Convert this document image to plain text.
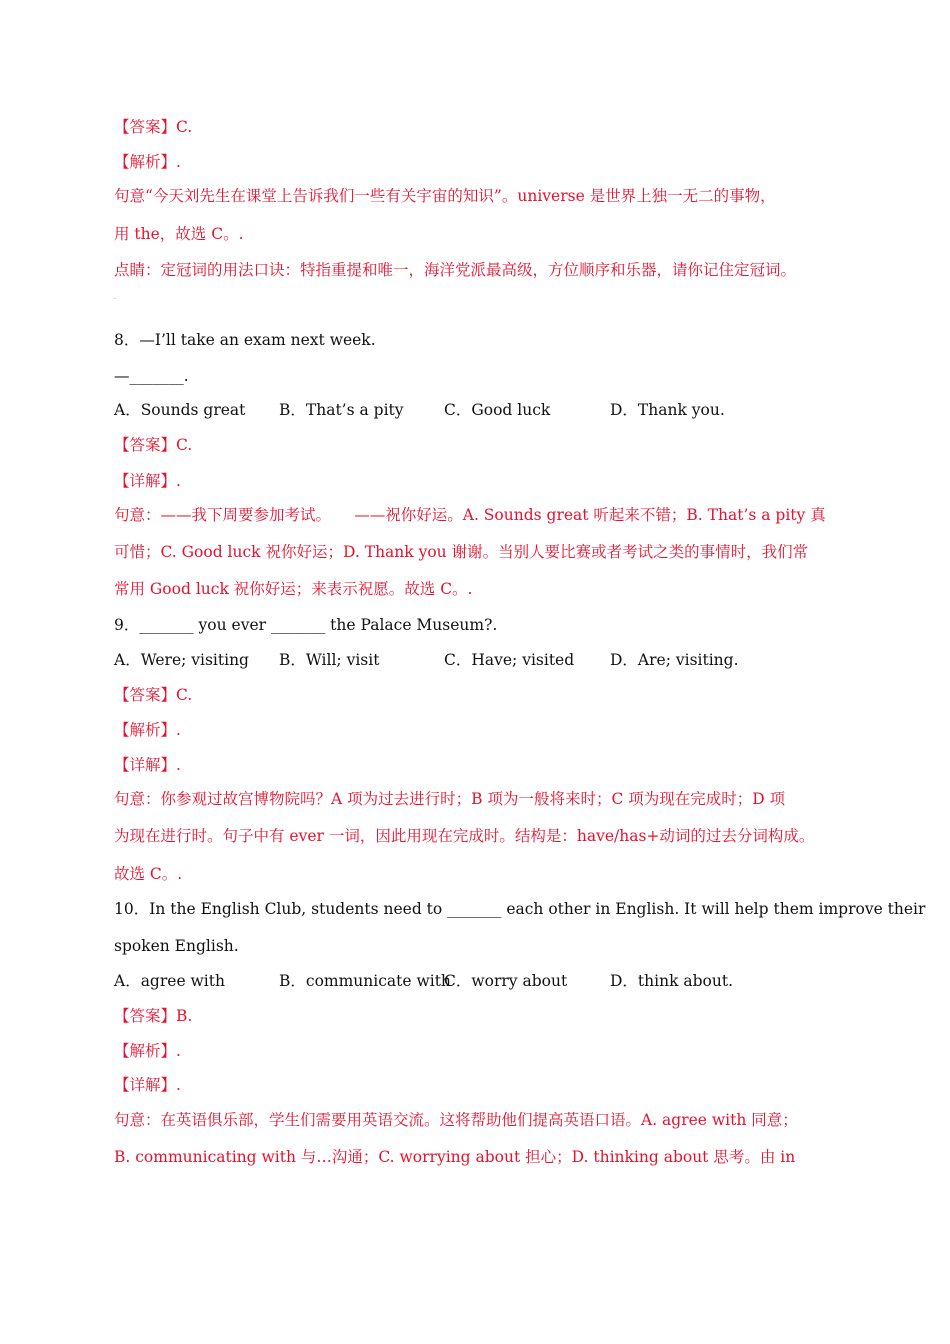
【答案】C.
【解析】.
句意“今天刘先生在课堂上告诉我们一些有关宇宙的知识”。universe 是世界上独一无二的事物，
用 the，故选 C。.
点睛：定冠词的用法口诀：特指重提和唯一，海洋党派最高级，方位顺序和乐器，请你记住定冠词。
.
8．—I’ll take an exam next week.
—_______.
A．Sounds great B．That’s a pity	C．Good luck	D．Thank you.
【答案】C.
【详解】.
句意：——我下周要参加考试。　　——祝你好运。A. Sounds great 听起来不错；B. That’s a pity 真
可惜；C. Good luck 祝你好运；D. Thank you 谢谢。当别人要比赛或者考试之类的事情时，我们常
常用 Good luck 祝你好运；来表示祝愿。故选 C。.
9．_______ you ever _______ the Palace Museum?.
A．Were; visiting B．Will; visit	C．Have; visited D．Are; visiting.
【答案】C.
【解析】.
【详解】.
句意：你参观过故宫博物院吗？A 项为过去进行时；B 项为一般将来时；C 项为现在完成时；D 项
为现在进行时。句子中有 ever 一词，因此用现在完成时。结构是：have/has+动词的过去分词构成。
故选 C。.
10．In the English Club, students need to _______ each other in English. It will help them improve their
spoken English.
A．agree with	B．communicate with
C．worry about	D．think about.
【答案】B.
【解析】.
【详解】.
句意：在英语俱乐部，学生们需要用英语交流。这将帮助他们提高英语口语。A. agree with 同意；
B. communicating with 与…沟通；C. worrying about 担心；D. thinking about 思考。由 in
